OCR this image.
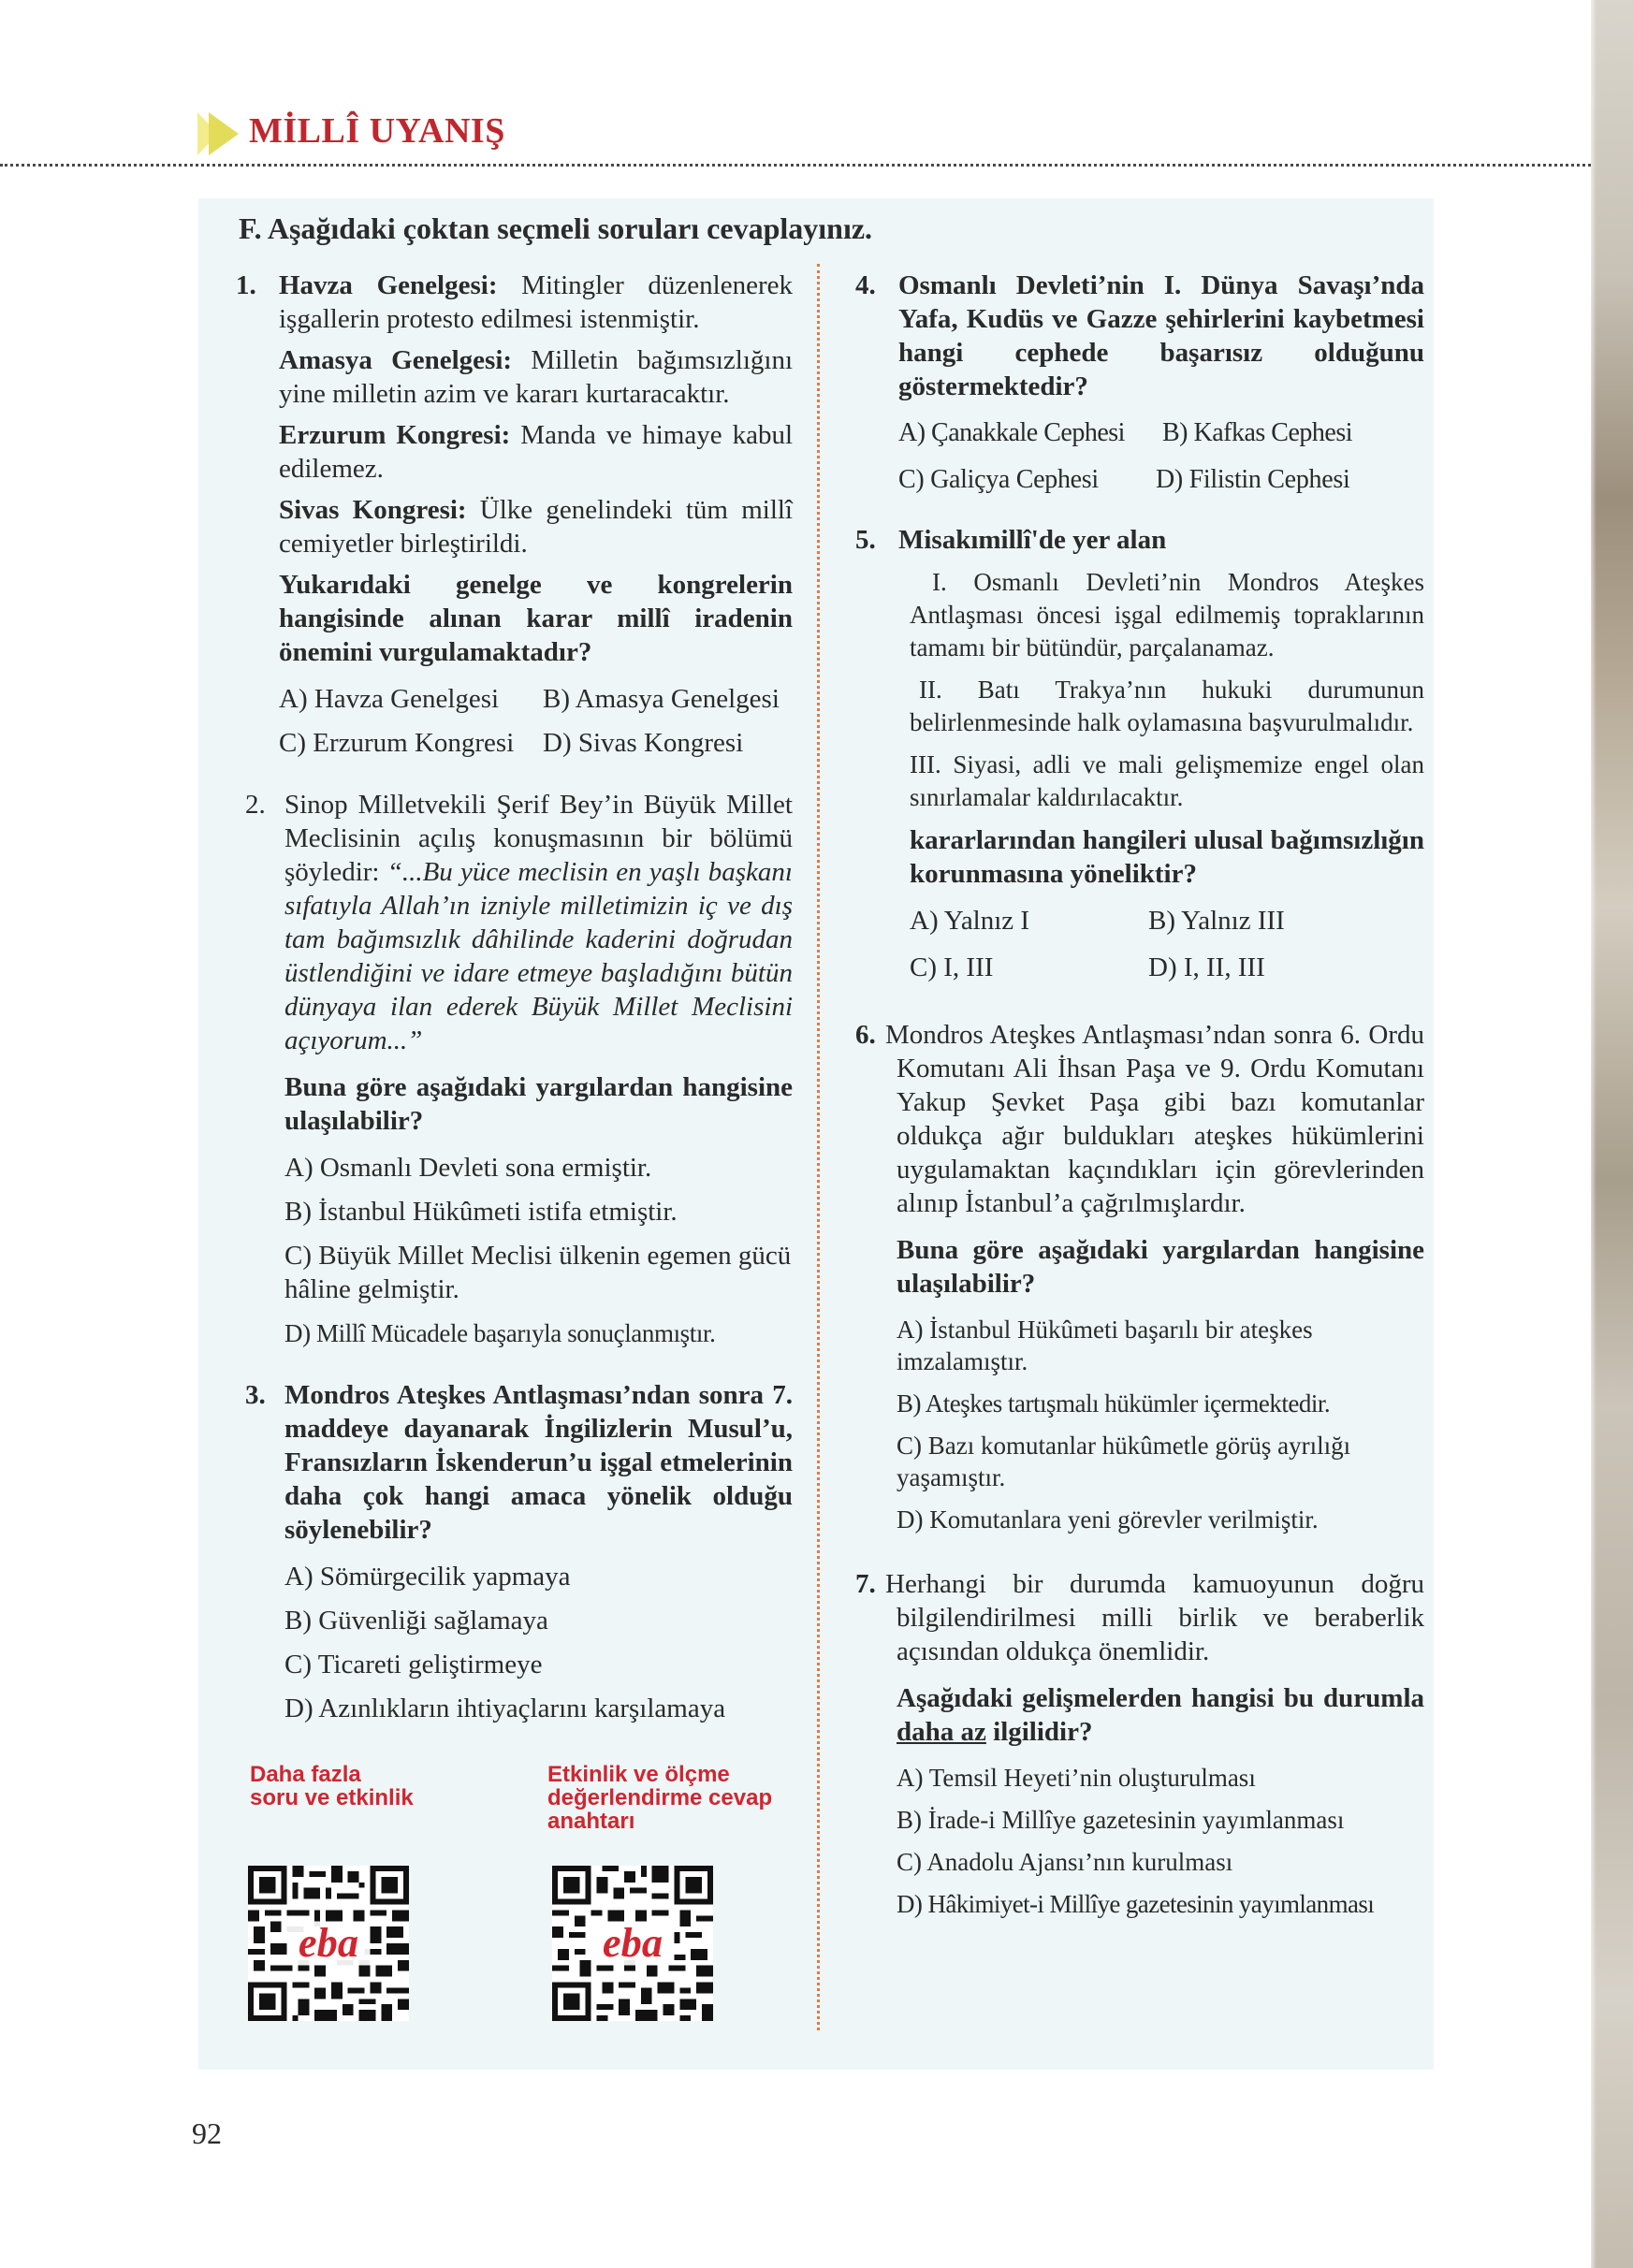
MİLLÎ UYANIŞ
F. Aşağıdaki çoktan seçmeli soruları cevaplayınız.
1. Havza Genelgesi: Mitingler düzenlenerek işgallerin protesto edilmesi istenmiştir.

Amasya Genelgesi: Milletin bağımsızlığını yine milletin azim ve kararı kurtaracaktır.

Erzurum Kongresi: Manda ve himaye kabul edilemez.

Sivas Kongresi: Ülke genelindeki tüm millî cemiyetler birleştirildi.

Yukarıdaki genelge ve kongrelerin hangisinde alınan karar millî iradenin önemini vurgulamaktadır?

A) Havza Genelgesi	B) Amasya Genelgesi
C) Erzurum Kongresi	D) Sivas Kongresi
2. Sinop Milletvekili Şerif Bey’in Büyük Millet Meclisinin açılış konuşmasının bir bölümü şöyledir: “...Bu yüce meclisin en yaşlı başkanı sıfatıyla Allah’ın izniyle milletimizin iç ve dış tam bağımsızlık dâhilinde kaderini doğrudan üstlendiğini ve idare etmeye başladığını bütün dünyaya ilan ederek Büyük Millet Meclisini açıyorum...”

Buna göre aşağıdaki yargılardan hangisine ulaşılabilir?

A) Osmanlı Devleti sona ermiştir.

B) İstanbul Hükûmeti istifa etmiştir.

C) Büyük Millet Meclisi ülkenin egemen gücü hâline gelmiştir.

D) Millî Mücadele başarıyla sonuçlanmıştır.

3. Mondros Ateşkes Antlaşması’ndan sonra 7. maddeye dayanarak İngilizlerin Musul’u, Fransızların İskenderun’u işgal etmelerinin daha çok hangi amaca yönelik olduğu söylenebilir?

A) Sömürgecilik yapmaya

B) Güvenliği sağlamaya

C) Ticareti geliştirmeye

D) Azınlıkların ihtiyaçlarını karşılamaya

Daha fazla
soru ve etkinlik
Etkinlik ve ölçme
değerlendirme cevap
anahtarı
eba	eba
4. Osmanlı Devleti’nin I. Dünya Savaşı’nda Yafa, Kudüs ve Gazze şehirlerini kaybetmesi hangi cephede başarısız olduğunu göstermektedir?

A) Çanakkale Cephesi	B) Kafkas Cephesi
C) Galiçya Cephesi	D) Filistin Cephesi
5. Misakımillî'de yer alan

I. Osmanlı Devleti’nin Mondros Ateşkes Antlaşması öncesi işgal edilmemiş topraklarının tamamı bir bütündür, parçalanamaz.

II. Batı Trakya’nın hukuki durumunun belirlenmesinde halk oylamasına başvurulmalıdır.

III. Siyasi, adli ve mali gelişmemize engel olan sınırlamalar kaldırılacaktır.

kararlarından hangileri ulusal bağımsızlığın korunmasına yöneliktir?

A) Yalnız I	B) Yalnız III
C) I, III	D) I, II, III
6. Mondros Ateşkes Antlaşması’ndan sonra 6. Ordu Komutanı Ali İhsan Paşa ve 9. Ordu Komutanı Yakup Şevket Paşa gibi bazı komutanlar oldukça ağır buldukları ateşkes hükümlerini uygulamaktan kaçındıkları için görevlerinden alınıp İstanbul’a çağrılmışlardır.

Buna göre aşağıdaki yargılardan hangisine ulaşılabilir?

A) İstanbul Hükûmeti başarılı bir ateşkes imzalamıştır.

B) Ateşkes tartışmalı hükümler içermektedir.

C) Bazı komutanlar hükûmetle görüş ayrılığı yaşamıştır.

D) Komutanlara yeni görevler verilmiştir.

7. Herhangi bir durumda kamuoyunun doğru bilgilendirilmesi milli birlik ve beraberlik açısından oldukça önemlidir.

Aşağıdaki gelişmelerden hangisi bu durumla daha az ilgilidir?

A) Temsil Heyeti’nin oluşturulması

B) İrade-i Millîye gazetesinin yayımlanması

C) Anadolu Ajansı’nın kurulması

D) Hâkimiyet-i Millîye gazetesinin yayımlanması

92
